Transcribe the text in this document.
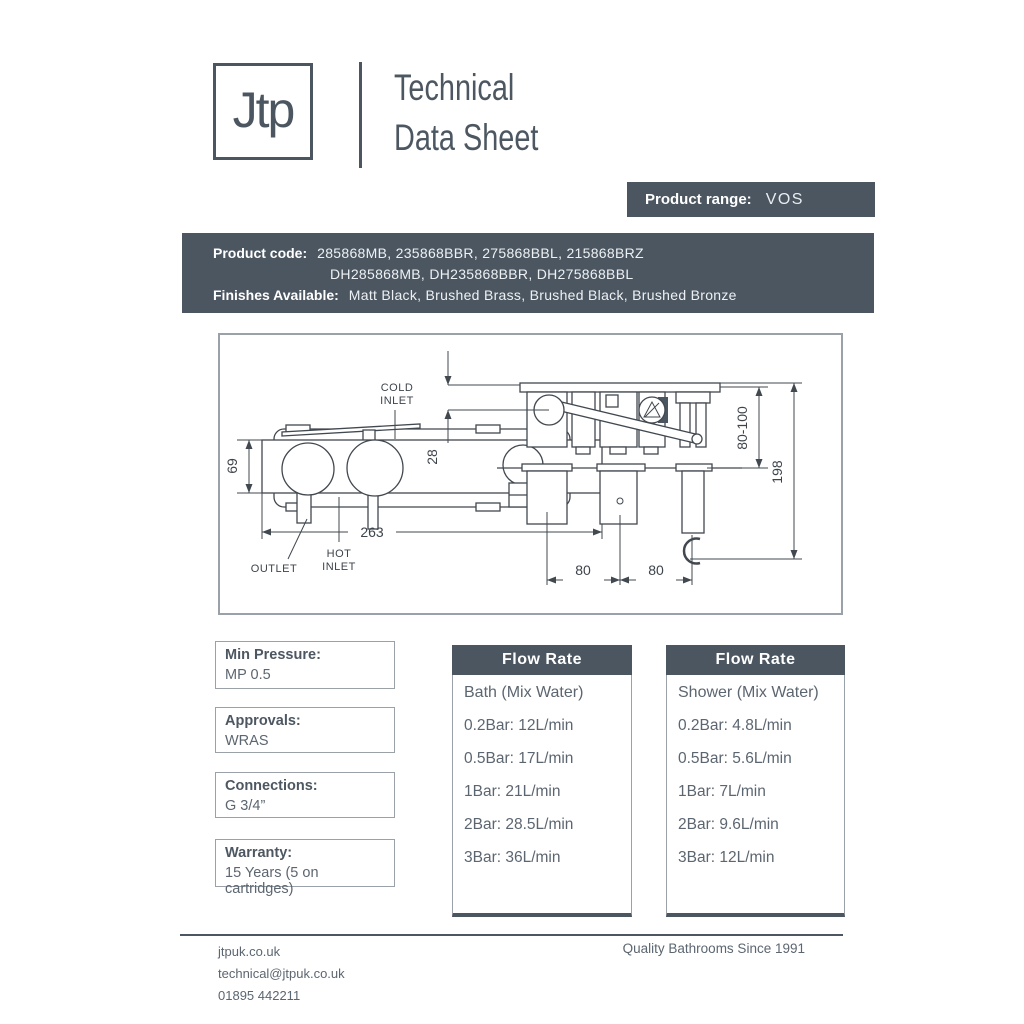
Jtp	Technical
Data Sheet
Product range: VOS
Product code: 285868MB, 235868BBR, 275868BBL, 215868BRZ
DH285868MB, DH235868BBR, DH275868BBL
Finishes Available: Matt Black, Brushed Brass, Brushed Black, Brushed Bronze
69
263
COLD
INLET
HOT
INLET
OUTLET
28
80-100
198
80	80
Min Pressure:
MP 0.5
Approvals:
WRAS
Connections:
G 3/4”
Warranty:
15 Years (5 on cartridges)
Flow Rate
Bath (Mix Water)
0.2Bar: 12L/min
0.5Bar: 17L/min
1Bar: 21L/min
2Bar: 28.5L/min
3Bar: 36L/min
Flow Rate
Shower (Mix Water)
0.2Bar: 4.8L/min
0.5Bar: 5.6L/min
1Bar: 7L/min
2Bar: 9.6L/min
3Bar: 12L/min
jtpuk.co.uk
technical@jtpuk.co.uk
01895 442211
Quality Bathrooms Since 1991
